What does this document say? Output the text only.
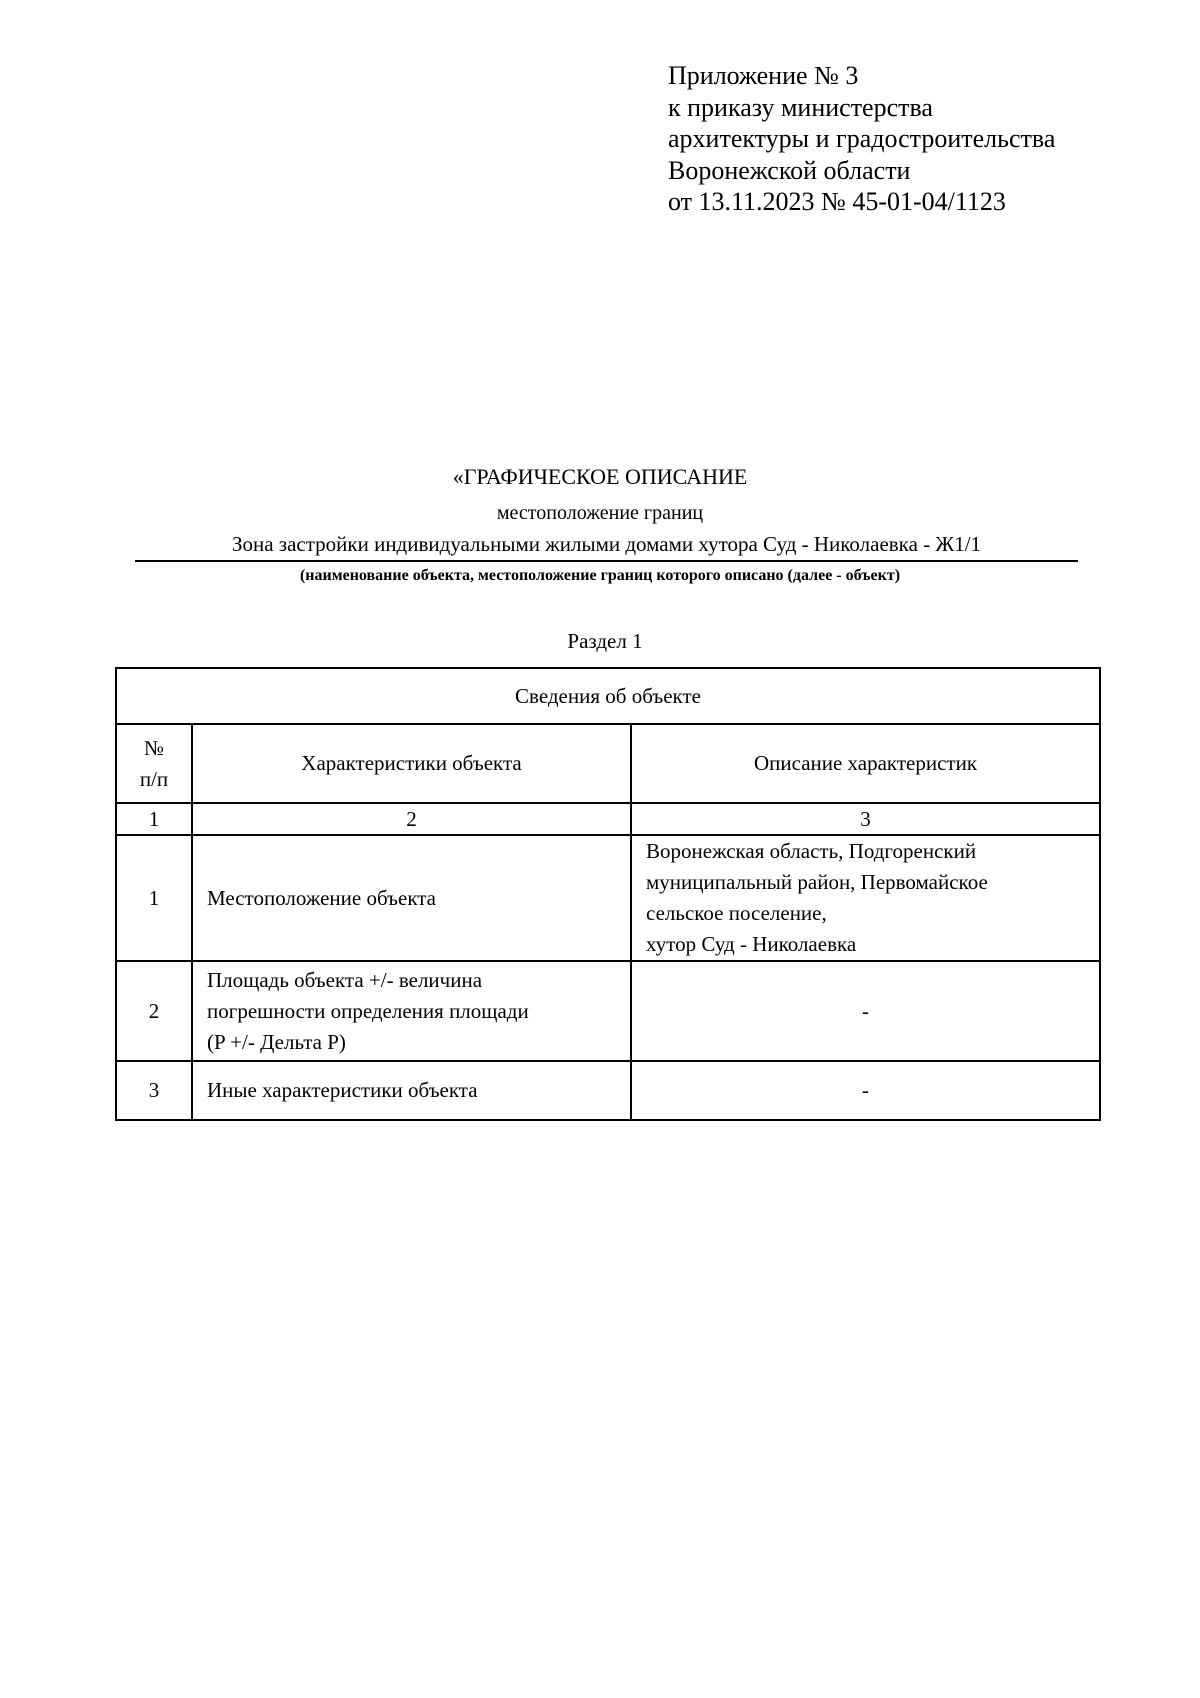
Приложение № 3
к приказу министерства
архитектуры и градостроительства
Воронежской области
от 13.11.2023 № 45-01-04/1123
«ГРАФИЧЕСКОЕ ОПИСАНИЕ
местоположение границ
Зона застройки индивидуальными жилыми домами хутора Суд - Николаевка - Ж1/1
(наименование объекта, местоположение границ которого описано (далее - объект)
Раздел 1
Сведения об объекте		

№
п/п	Характеристики объекта	Описание характеристик
1	2	3
1	Местоположение объекта	Воронежская область, Подгоренский
муниципальный район, Первомайское
сельское поселение,
хутор Суд - Николаевка

2	Площадь объекта +/- величина
погрешности определения площади
(P +/- Дельта P)	-

3	Иные характеристики объекта	-
